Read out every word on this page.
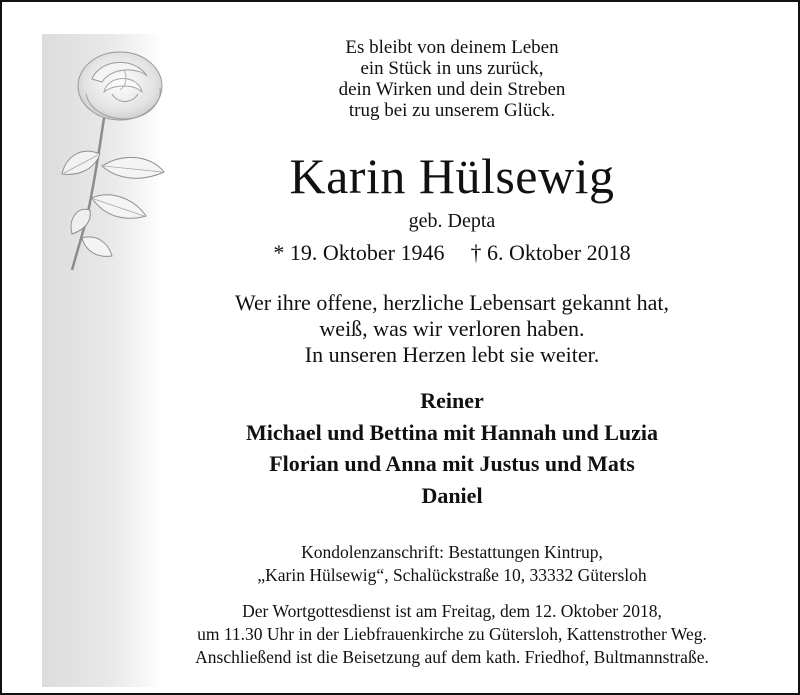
Es bleibt von deinem Leben
ein Stück in uns zurück,
dein Wirken und dein Streben
trug bei zu unserem Glück.
Karin Hülsewig
geb. Depta
* 19. Oktober 1946 † 6. Oktober 2018
Wer ihre offene, herzliche Lebensart gekannt hat,
weiß, was wir verloren haben.
In unseren Herzen lebt sie weiter.
Reiner
Michael und Bettina mit Hannah und Luzia
Florian und Anna mit Justus und Mats
Daniel
Kondolenzanschrift: Bestattungen Kintrup,
„Karin Hülsewig“, Schalückstraße 10, 33332 Gütersloh
Der Wortgottesdienst ist am Freitag, dem 12. Oktober 2018,
um 11.30 Uhr in der Liebfrauenkirche zu Gütersloh, Kattenstrother Weg.
Anschließend ist die Beisetzung auf dem kath. Friedhof, Bultmannstraße.
